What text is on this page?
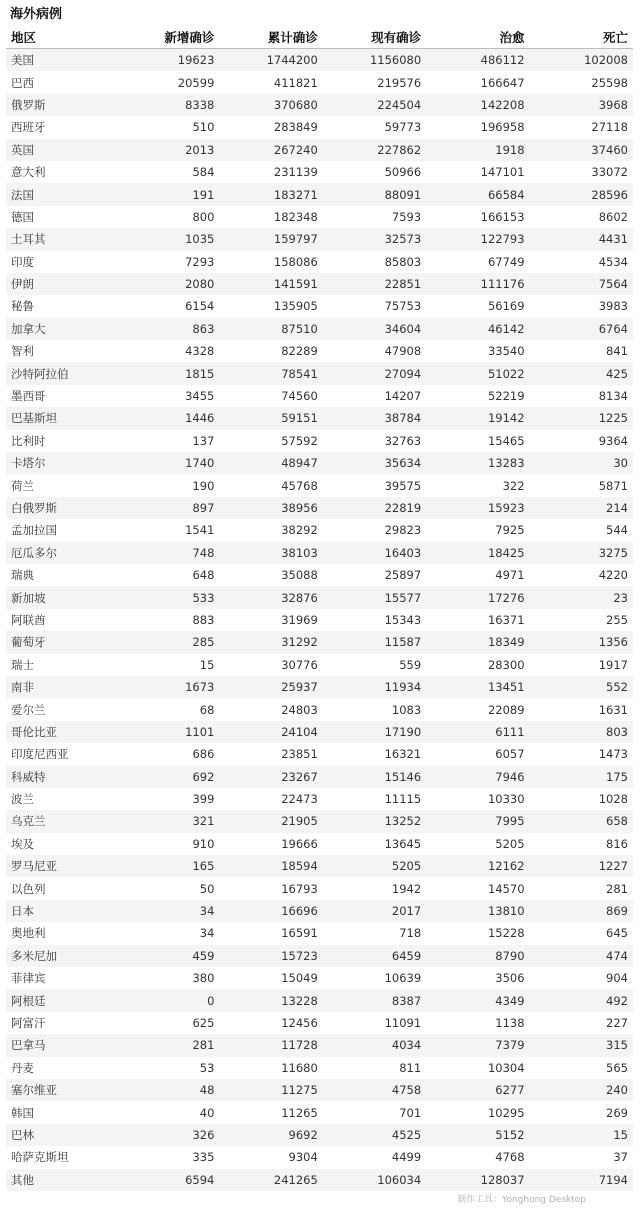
海外病例
地区	新增确诊	累计确诊	现有确诊	治愈	死亡
美国	19623	1744200	1156080	486112	102008
巴西	20599	411821	219576	166647	25598
俄罗斯	8338	370680	224504	142208	3968
西班牙	510	283849	59773	196958	27118
英国	2013	267240	227862	1918	37460
意大利	584	231139	50966	147101	33072
法国	191	183271	88091	66584	28596
德国	800	182348	7593	166153	8602
土耳其	1035	159797	32573	122793	4431
印度	7293	158086	85803	67749	4534
伊朗	2080	141591	22851	111176	7564
秘鲁	6154	135905	75753	56169	3983
加拿大	863	87510	34604	46142	6764
智利	4328	82289	47908	33540	841
沙特阿拉伯	1815	78541	27094	51022	425
墨西哥	3455	74560	14207	52219	8134
巴基斯坦	1446	59151	38784	19142	1225
比利时	137	57592	32763	15465	9364
卡塔尔	1740	48947	35634	13283	30
荷兰	190	45768	39575	322	5871
白俄罗斯	897	38956	22819	15923	214
孟加拉国	1541	38292	29823	7925	544
厄瓜多尔	748	38103	16403	18425	3275
瑞典	648	35088	25897	4971	4220
新加坡	533	32876	15577	17276	23
阿联酋	883	31969	15343	16371	255
葡萄牙	285	31292	11587	18349	1356
瑞士	15	30776	559	28300	1917
南非	1673	25937	11934	13451	552
爱尔兰	68	24803	1083	22089	1631
哥伦比亚	1101	24104	17190	6111	803
印度尼西亚	686	23851	16321	6057	1473
科威特	692	23267	15146	7946	175
波兰	399	22473	11115	10330	1028
乌克兰	321	21905	13252	7995	658
埃及	910	19666	13645	5205	816
罗马尼亚	165	18594	5205	12162	1227
以色列	50	16793	1942	14570	281
日本	34	16696	2017	13810	869
奥地利	34	16591	718	15228	645
多米尼加	459	15723	6459	8790	474
菲律宾	380	15049	10639	3506	904
阿根廷	0	13228	8387	4349	492
阿富汗	625	12456	11091	1138	227
巴拿马	281	11728	4034	7379	315
丹麦	53	11680	811	10304	565
塞尔维亚	48	11275	4758	6277	240
韩国	40	11265	701	10295	269
巴林	326	9692	4525	5152	15
哈萨克斯坦	335	9304	4499	4768	37
其他	6594	241265	106034	128037	7194
制作工具：Yonghong Desktop
